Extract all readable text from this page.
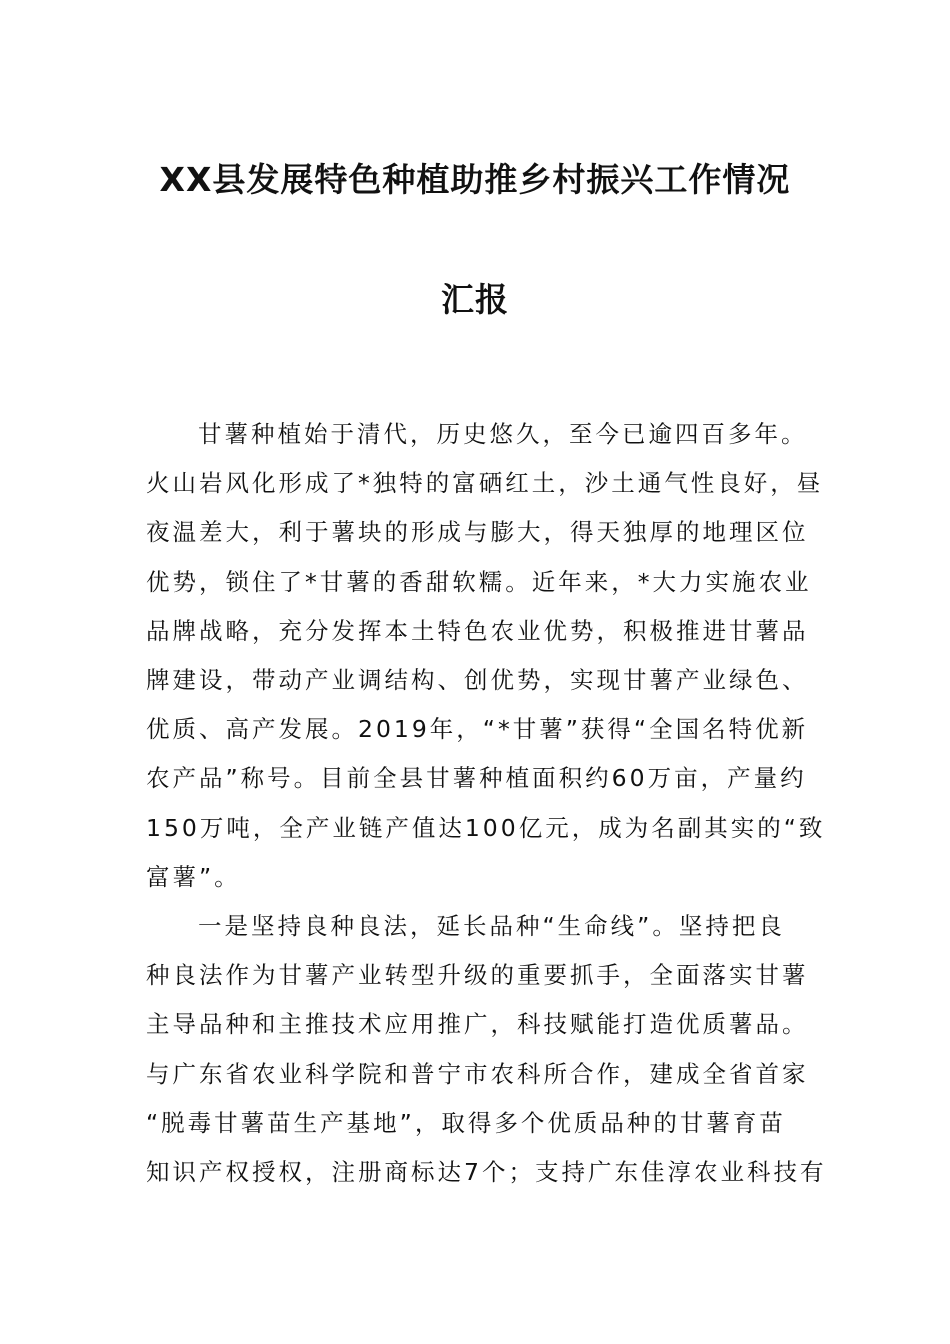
XX县发展特色种植助推乡村振兴工作情况
汇报

甘薯种植始于清代，历史悠久，至今已逾四百多年。
火山岩风化形成了*独特的富硒红土，沙土通气性良好，昼
夜温差大，利于薯块的形成与膨大，得天独厚的地理区位
优势，锁住了*甘薯的香甜软糯。近年来，*大力实施农业
品牌战略，充分发挥本土特色农业优势，积极推进甘薯品
牌建设，带动产业调结构、创优势，实现甘薯产业绿色、
优质、高产发展。2019年，“*甘薯”获得“全国名特优新
农产品”称号。目前全县甘薯种植面积约60万亩，产量约
150万吨，全产业链产值达100亿元，成为名副其实的“致
富薯”。

一是坚持良种良法，延长品种“生命线”。坚持把良
种良法作为甘薯产业转型升级的重要抓手，全面落实甘薯
主导品种和主推技术应用推广，科技赋能打造优质薯品。
与广东省农业科学院和普宁市农科所合作，建成全省首家
“脱毒甘薯苗生产基地”，取得多个优质品种的甘薯育苗
知识产权授权，注册商标达7个；支持广东佳淳农业科技有
